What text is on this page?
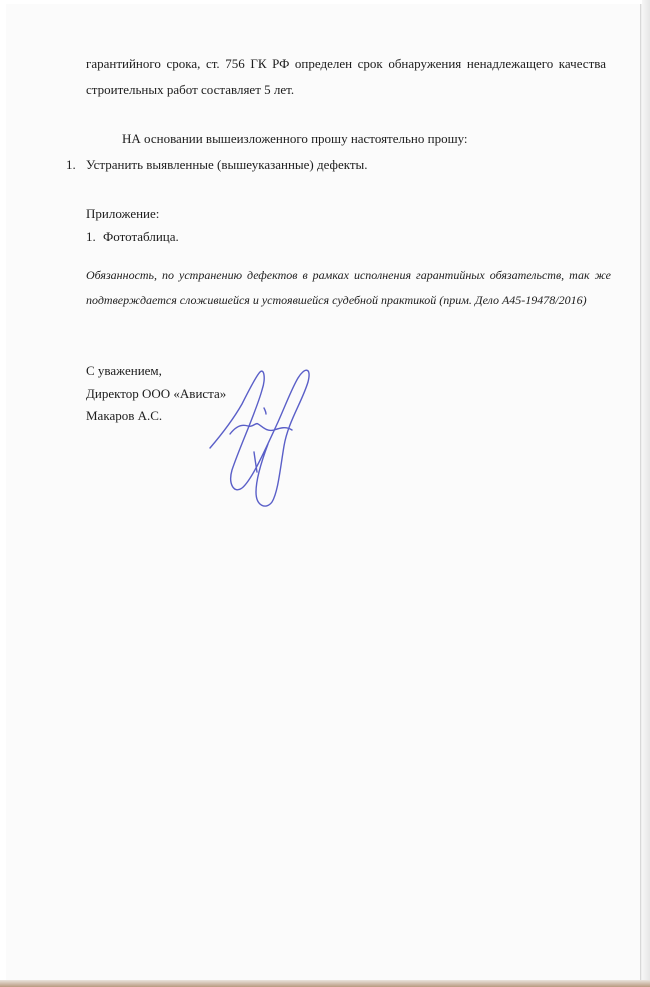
гарантийного срока, ст. 756 ГК РФ определен срок обнаружения ненадлежащего качества
строительных работ составляет 5 лет.
НА основании вышеизложенного прошу настоятельно прошу:
1. Устранить выявленные (вышеуказанные) дефекты.
Приложение:
1. Фототаблица.
Обязанность, по устранению дефектов в рамках исполнения гарантийных обязательств, так же
подтверждается сложившейся и устоявшейся судебной практикой (прим. Дело А45-19478/2016)
С уважением,
Директор ООО «Ависта»
Макаров А.С.
